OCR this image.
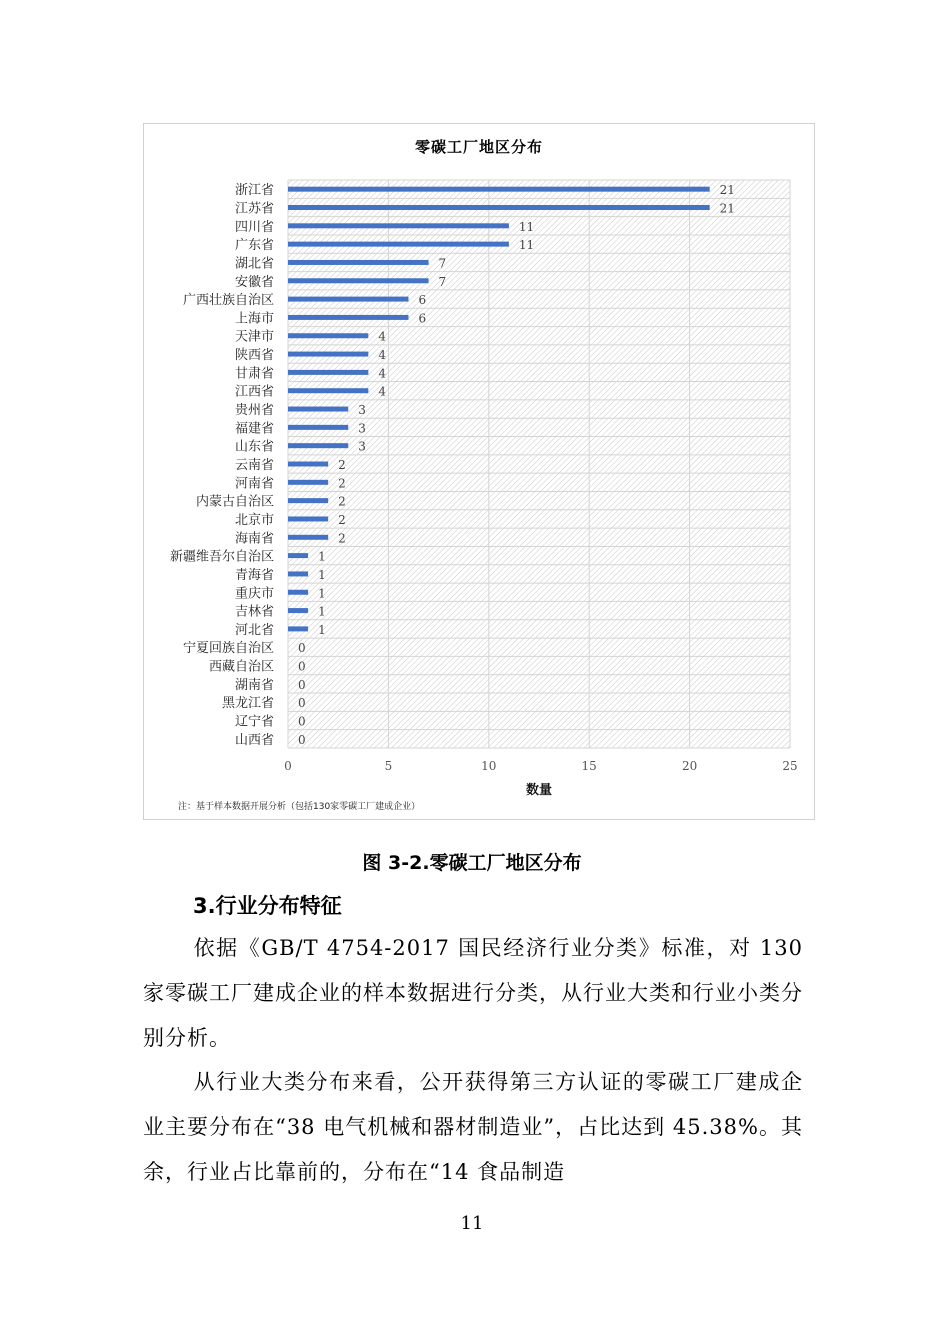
零碳工厂地区分布
0	5	10	15	20	25
浙江省	21
江苏省	21
四川省	11
广东省	11
湖北省	7
安徽省	7
广西壮族自治区	6
上海市	6
天津市	4
陕西省	4
甘肃省	4
江西省	4
贵州省	3
福建省	3
山东省	3
云南省	2
河南省	2
内蒙古自治区	2
北京市	2
海南省	2
新疆维吾尔自治区	1
青海省	1
重庆市	1
吉林省	1
河北省	1
宁夏回族自治区 0
西藏自治区 0
湖南省 0
黑龙江省 0
辽宁省 0
山西省 0
数量
注：基于样本数据开展分析（包括130家零碳工厂建成企业）
图 3-2.零碳工厂地区分布
3.行业分布特征
依据《GB/T 4754-2017 国民经济行业分类》标准，对 130 家零碳工厂建成企业的样本数据进行分类，从行业大类和行业小类分别分析。
从行业大类分布来看，公开获得第三方认证的零碳工厂建成企业主要分布在“38 电气机械和器材制造业”，占比达到 45.38%。其余，行业占比靠前的，分布在“14 食品制造
11
